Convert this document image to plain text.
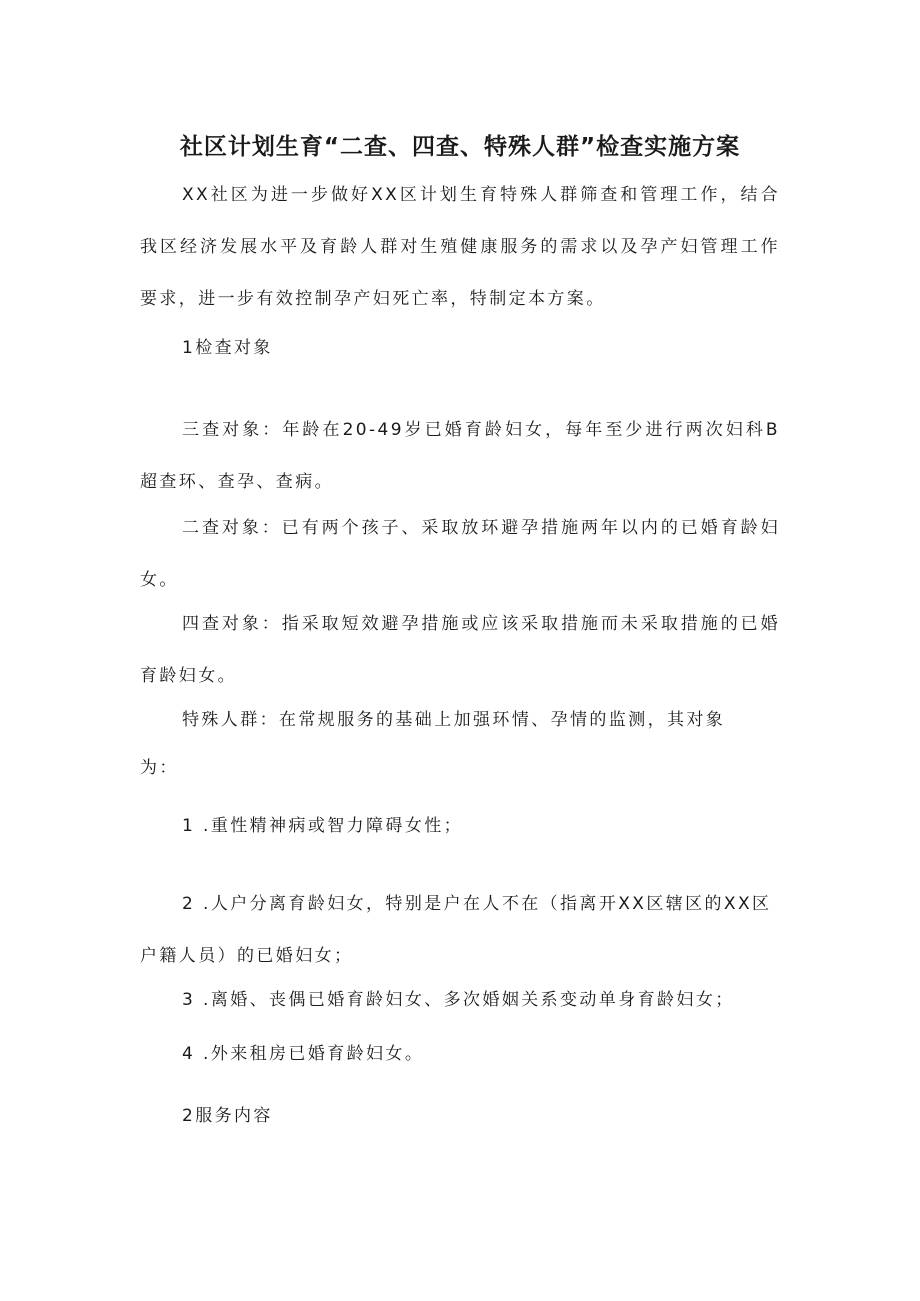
社区计划生育“二查、四查、特殊人群”检查实施方案

XX社区为进一步做好XX区计划生育特殊人群筛查和管理工作，结合我区经济发展水平及育龄人群对生殖健康服务的需求以及孕产妇管理工作要求，进一步有效控制孕产妇死亡率，特制定本方案。

1检查对象

三查对象：年龄在20-49岁已婚育龄妇女，每年至少进行两次妇科B超查环、查孕、查病。

二查对象：已有两个孩子、采取放环避孕措施两年以内的已婚育龄妇女。

四查对象：指采取短效避孕措施或应该采取措施而未采取措施的已婚育龄妇女。

特殊人群：在常规服务的基础上加强环情、孕情的监测，其对象

为：

1 .重性精神病或智力障碍女性；
2 .人户分离育龄妇女，特别是户在人不在（指离开XX区辖区的XX区户籍人员）的已婚妇女；
3 .离婚、丧偶已婚育龄妇女、多次婚姻关系变动单身育龄妇女；
4 .外来租房已婚育龄妇女。
2服务内容
